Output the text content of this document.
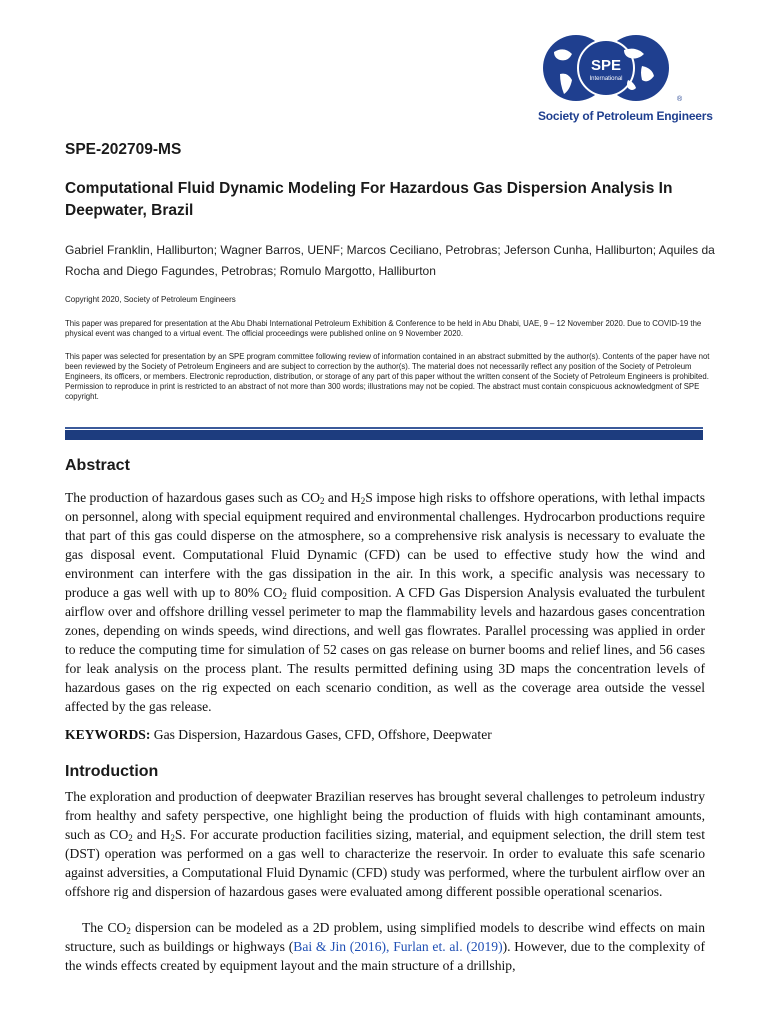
SPE
International
®
Society of Petroleum Engineers
SPE-202709-MS
Computational Fluid Dynamic Modeling For Hazardous Gas Dispersion Analysis In Deepwater, Brazil
Gabriel Franklin, Halliburton; Wagner Barros, UENF; Marcos Ceciliano, Petrobras; Jeferson Cunha, Halliburton; Aquiles da Rocha and Diego Fagundes, Petrobras; Romulo Margotto, Halliburton
Copyright 2020, Society of Petroleum Engineers
This paper was prepared for presentation at the Abu Dhabi International Petroleum Exhibition & Conference to be held in Abu Dhabi, UAE, 9 – 12 November 2020. Due to COVID-19 the physical event was changed to a virtual event. The official proceedings were published online on 9 November 2020.
This paper was selected for presentation by an SPE program committee following review of information contained in an abstract submitted by the author(s). Contents of the paper have not been reviewed by the Society of Petroleum Engineers and are subject to correction by the author(s). The material does not necessarily reflect any position of the Society of Petroleum Engineers, its officers, or members. Electronic reproduction, distribution, or storage of any part of this paper without the written consent of the Society of Petroleum Engineers is prohibited. Permission to reproduce in print is restricted to an abstract of not more than 300 words; illustrations may not be copied. The abstract must contain conspicuous acknowledgment of SPE copyright.
Abstract
The production of hazardous gases such as $CO_2$ and $H_2S$ impose high risks to offshore operations, with lethal impacts on personnel, along with special equipment required and environmental challenges. Hydrocarbon productions require that part of this gas could disperse on the atmosphere, so a comprehensive risk analysis is necessary to evaluate the gas disposal event. Computational Fluid Dynamic (CFD) can be used to effective study how the wind and environment can interfere with the gas dissipation in the air. In this work, a specific analysis was necessary to produce a gas well with up to 80% $CO_2$ fluid composition. A CFD Gas Dispersion Analysis evaluated the turbulent airflow over and offshore drilling vessel perimeter to map the flammability levels and hazardous gases concentration zones, depending on winds speeds, wind directions, and well gas flowrates. Parallel processing was applied in order to reduce the computing time for simulation of 52 cases on gas release on burner booms and relief lines, and 56 cases for leak analysis on the process plant. The results permitted defining using 3D maps the concentration levels of hazardous gases on the rig expected on each scenario condition, as well as the coverage area outside the vessel affected by the gas release.
KEYWORDS: Gas Dispersion, Hazardous Gases, CFD, Offshore, Deepwater
Introduction
The exploration and production of deepwater Brazilian reserves has brought several challenges to petroleum industry from healthy and safety perspective, one highlight being the production of fluids with high contaminant amounts, such as $CO_2$ and $H_2S$. For accurate production facilities sizing, material, and equipment selection, the drill stem test (DST) operation was performed on a gas well to characterize the reservoir. In order to evaluate this safe scenario against adversities, a Computational Fluid Dynamic (CFD) study was performed, where the turbulent airflow over an offshore rig and dispersion of hazardous gases were evaluated among different possible operational scenarios.
The $CO_2$ dispersion can be modeled as a 2D problem, using simplified models to describe wind effects on main structure, such as buildings or highways (Bai & Jin (2016), Furlan et. al. (2019)). However, due to the complexity of the winds effects created by equipment layout and the main structure of a drillship,
